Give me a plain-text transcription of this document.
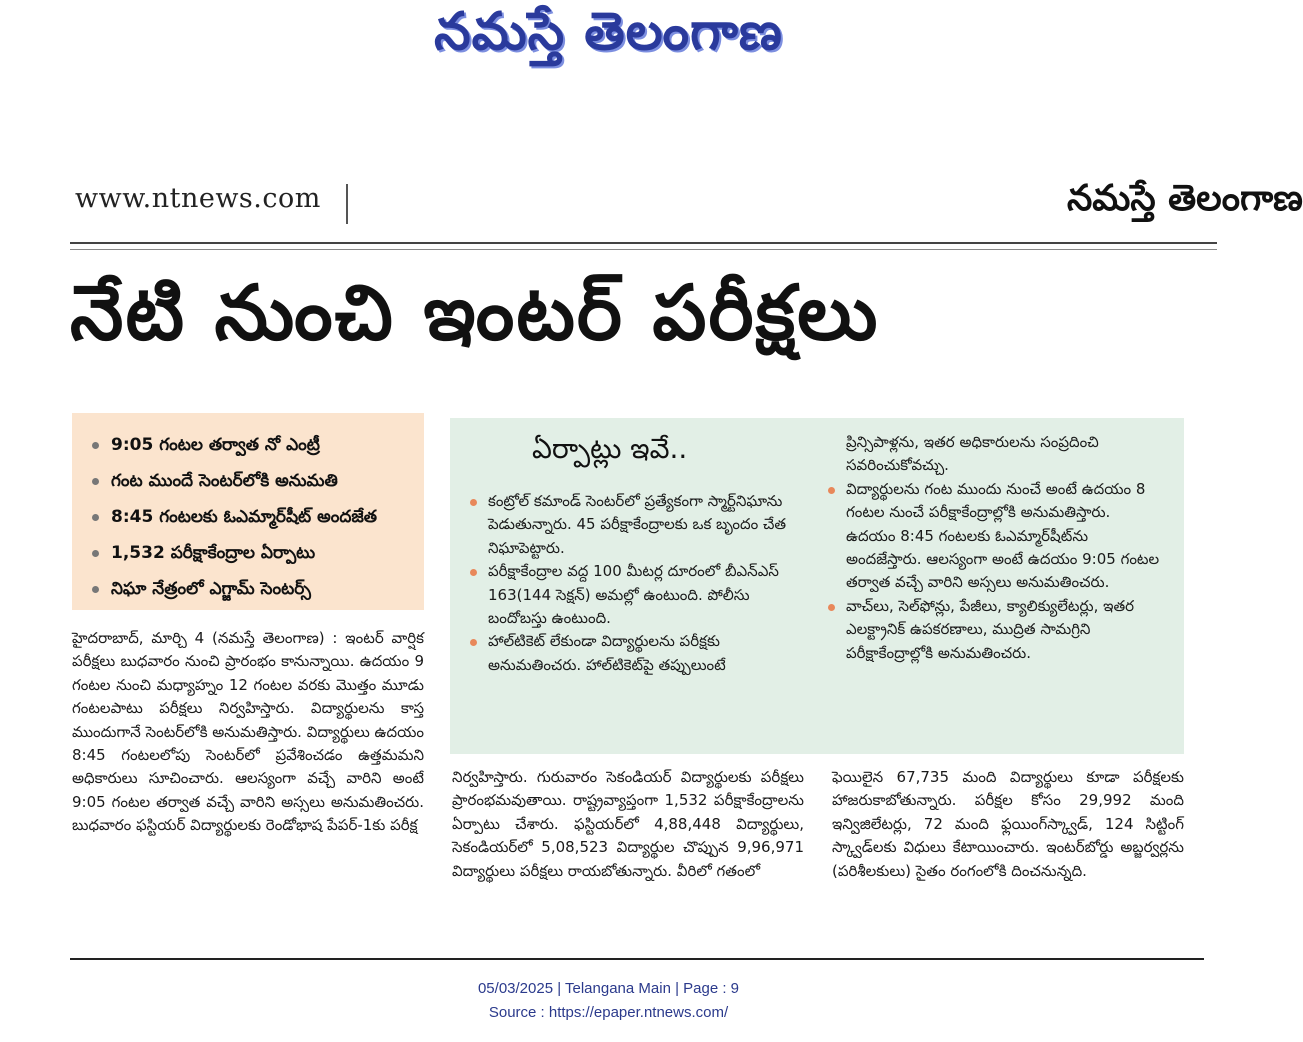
నమస్తే తెలంగాణ
www.ntnews.com	నమస్తే తెలంగాణ
నేటి నుంచి ఇంటర్‌ పరీక్షలు
9:05 గంటల తర్వాత నో ఎంట్రీ
గంట ముందే సెంటర్‌లోకి అనుమతి
8:45 గంటలకు ఓఎమ్మార్‌షీట్‌ అందజేత
1,532 పరీక్షాకేంద్రాల ఏర్పాటు
నిఘా నేత్రంలో ఎగ్జామ్‌ సెంటర్స్‌
ఏర్పాట్లు ఇవే..
కంట్రోల్‌ కమాండ్‌ సెంటర్‌లో ప్రత్యేకంగా స్మార్ట్‌నిఘాను పెడుతున్నారు. 45 పరీక్షాకేంద్రాలకు ఒక బృందం చేత నిఘాపెట్టారు.
పరీక్షాకేంద్రాల వద్ద 100 మీటర్ల దూరంలో బీఎన్‌ఎస్‌ 163(144 సెక్షన్‌) అమల్లో ఉంటుంది. పోలీసు బందోబస్తు ఉంటుంది.
హాల్‌టికెట్‌ లేకుండా విద్యార్థులను పరీక్షకు అనుమతించరు. హాల్‌టికెట్‌పై తప్పులుంటే
ప్రిన్సిపాళ్లను, ఇతర అధికారులను సంప్రదించి సవరించుకోవచ్చు.
విద్యార్థులను గంట ముందు నుంచే అంటే ఉదయం 8 గంటల నుంచే పరీక్షాకేంద్రాల్లోకి అనుమతిస్తారు. ఉదయం 8:45 గంటలకు ఓఎమ్మార్‌షీట్‌ను అందజేస్తారు. ఆలస్యంగా అంటే ఉదయం 9:05 గంటల తర్వాత వచ్చే వారిని అస్సలు అనుమతించరు.
వాచ్‌లు, సెల్‌ఫోన్లు, పేజీలు, క్యాలిక్యులేటర్లు, ఇతర ఎలక్ట్రానిక్‌ ఉపకరణాలు, ముద్రిత సామగ్రిని పరీక్షాకేంద్రాల్లోకి అనుమతించరు.
హైదరాబాద్‌, మార్చి 4 (నమస్తే తెలంగాణ) : ఇంటర్‌ వార్షిక పరీక్షలు బుధవారం నుంచి ప్రారంభం కానున్నాయి. ఉదయం 9 గంటల నుంచి మధ్యాహ్నం 12 గంటల వరకు మొత్తం మూడు గంటలపాటు పరీక్షలు నిర్వహిస్తారు. విద్యార్థులను కాస్త ముందుగానే సెంటర్‌లోకి అనుమతిస్తారు. విద్యార్థులు ఉదయం 8:45 గంటలలోపు సెంటర్‌లో ప్రవేశించడం ఉత్తమమని అధికారులు సూచించారు. ఆలస్యంగా వచ్చే వారిని అంటే 9:05 గంటల తర్వాత వచ్చే వారిని అస్సలు అనుమతించరు. బుధవారం ఫస్టియర్‌ విద్యార్థులకు రెండోభాష పేపర్‌-1కు పరీక్ష
నిర్వహిస్తారు. గురువారం సెకండియర్‌ విద్యార్థులకు పరీక్షలు ప్రారంభమవుతాయి. రాష్ట్రవ్యాప్తంగా 1,532 పరీక్షాకేంద్రాలను ఏర్పాటు చేశారు. ఫస్టియర్‌లో 4,88,448 విద్యార్థులు, సెకండియర్‌లో 5,08,523 విద్యార్థుల చొప్పున 9,96,971 విద్యార్థులు పరీక్షలు రాయబోతున్నారు. వీరిలో గతంలో
ఫెయిలైన 67,735 మంది విద్యార్థులు కూడా పరీక్షలకు హాజరుకాబోతున్నారు. పరీక్షల కోసం 29,992 మంది ఇన్విజిలేటర్లు, 72 మంది ఫ్లయింగ్‌స్క్వాడ్‌, 124 సిట్టింగ్‌ స్క్వాడ్‌లకు విధులు కేటాయించారు. ఇంటర్‌బోర్డు అబ్జర్వర్లను (పరిశీలకులు) సైతం రంగంలోకి దించనున్నది.
05/03/2025 | Telangana Main | Page : 9
Source : https://epaper.ntnews.com/
